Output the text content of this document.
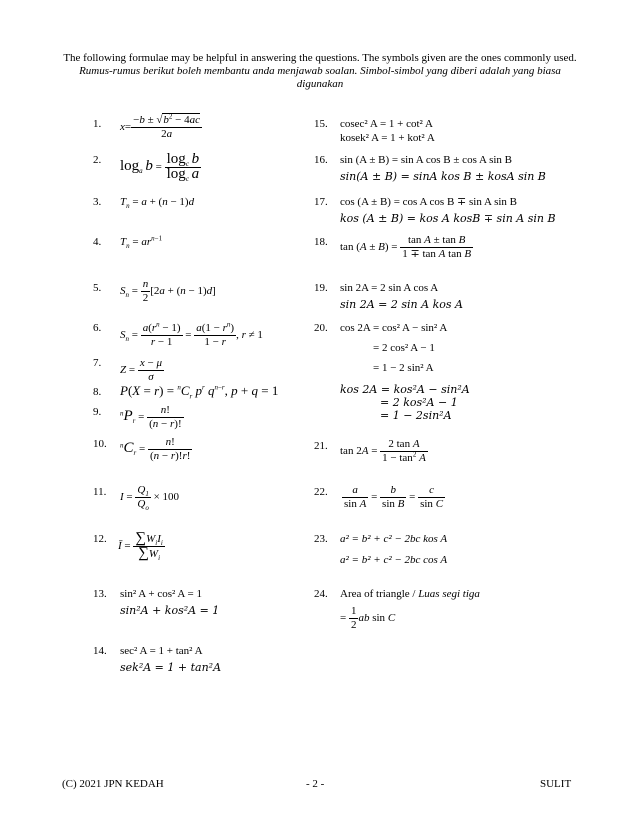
The following formulae may be helpful in answering the questions. The symbols given are the ones commonly used.
Rumus-rumus berikut boleh membantu anda menjawab soalan. Simbol-simbol yang diberi adalah yang biasa digunakan
1.
2.
3.
4.
5.
6.
7.
8.
9.
10.
11.
12.
13.
14.
15.
16.
17.
18.
19.
20.
21.
22.
23.
24.
$x= \frac{-b \pm √b^2 - 4ac}{2a}$
$\log_a b = \frac{\log_c b}{\log_c a}$
$T_n = a + (n - 1)d$
$T_n = ar^{n-1}$
$S_n = \frac{n}{2} [2a + (n - 1)d]$
$S_n = \frac{a(r^n - 1)}{r - 1} = \frac{a(1 - r^n)}{1 - r}$ , r ≠ 1
$Z = \frac{x - \mu}{\sigma}$
$P(X = r) = ^nC_r$ $p^r$ $q^{n-r}$, p + q = 1
$^nP_r = \frac{n!}{(n - r)!}$
$^nC_r = \frac{n!}{(n - r)!r!}$
$I = \frac{Q_1}{Q_o} \times 100$
Ī = $\frac{\sum W_iI_i}{\sum W_i}$
sin² A + cos² A = 1
sin²A + kos²A = 1
sec² A = 1 + tan² A
sek²A = 1 + tan²A
cosec² A = 1 + cot² A
kosek² A = 1 + kot² A
sin (A ± B) = sin A cos B ± cos A sin B
sin(A ± B) = sinA kos B ± kosA sin B
cos (A ± B) = cos A cos B ∓ sin A sin B
kos (A ± B) = kos A kosB ∓ sin A sin B
$\tan (A \pm B) = \frac{\text{tan A ± tan B}}{\text{1 ∓ tan A tan B}}$
sin 2A = 2 sin A cos A
sin 2A = 2 sin A kos A
cos 2A = cos² A − sin² A
= 2 cos² A − 1
= 1 − 2 sin² A
kos 2A = kos²A − sin²A
= 2 kos²A − 1
= 1 − 2sin²A
$\tan 2A = \frac{\text{2 tan A}}{1 - \tan^2 A}$
$\frac{a}{\text{sin A}} = \frac{b}{\text{sin B}} = \frac{c}{\text{sin C}}$
a² = b² + c² − 2bc kos A
a² = b² + c² − 2bc cos A
Area of triangle / Luas segi tiga
= $\frac{1}{2}$ ab sin C
(C) 2021 JPN KEDAH	- 2 -	SULIT
